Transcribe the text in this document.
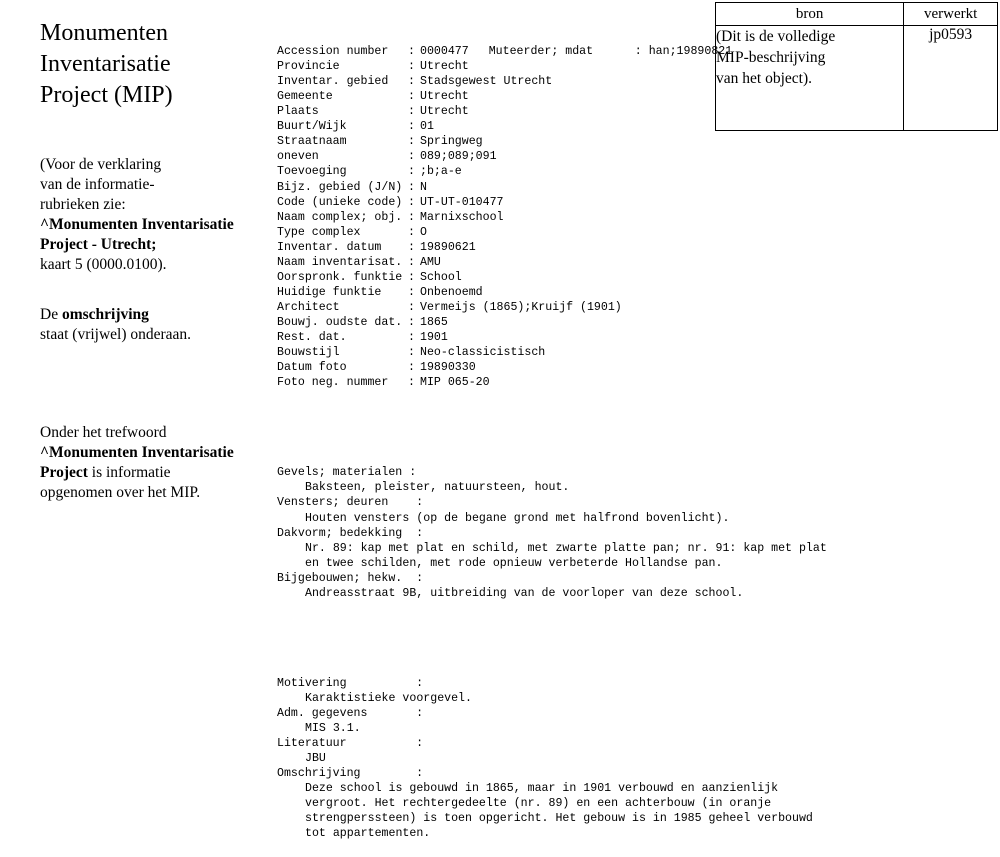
Monumenten
Inventarisatie
Project (MIP)
(Voor de verklaring
van de informatie-
rubrieken zie:
^Monumenten Inventarisatie
Project - Utrecht;
kaart 5 (0000.0100).
De omschrijving
staat (vrijwel) onderaan.
Onder het trefwoord
^Monumenten Inventarisatie
Project is informatie
opgenomen over het MIP.

Accession number : 0000477 Muteerder; mdat      : han;19890821
Provincie	: Utrecht
Inventar. gebied : Stadsgewest Utrecht
Gemeente	: Utrecht
Plaats	: Utrecht
Buurt/Wijk	: 01
Straatnaam	: Springweg
oneven	: 089;089;091
Toevoeging	: ;b;a-e
Bijz. gebied (J/N) : N
Code (unieke code) : UT-UT-010477
Naam complex; obj. : Marnixschool
Type complex	: O
Inventar. datum : 19890621
Naam inventarisat. : AMU
Oorspronk. funktie : School
Huidige funktie : Onbenoemd
Architect	: Vermeijs (1865);Kruijf (1901)
Bouwj. oudste dat. : 1865
Rest. dat.	: 1901
Bouwstijl	: Neo-classicistisch
Datum foto	: 19890330
Foto neg. nummer : MIP 065-20

Gevels; materialen :
Baksteen, pleister, natuursteen, hout.
Vensters; deuren    :
Houten vensters (op de begane grond met halfrond bovenlicht).
Dakvorm; bedekking  :
Nr. 89: kap met plat en schild, met zwarte platte pan; nr. 91: kap met plat
en twee schilden, met rode opnieuw verbeterde Hollandse pan.
Bijgebouwen; hekw.  :
Andreasstraat 9B, uitbreiding van de voorloper van deze school.

Motivering          :
Karaktistieke voorgevel.
Adm. gegevens       :
MIS 3.1.
Literatuur          :
JBU
Omschrijving        :
Deze school is gebouwd in 1865, maar in 1901 verbouwd en aanzienlijk
vergroot. Het rechtergedeelte (nr. 89) en een achterbouw (in oranje
strengperssteen) is toen opgericht. Het gebouw is in 1985 geheel verbouwd
tot appartementen.

bron	verwerkt

(Dit is de volledige
MIP-beschrijving
van het object).	jp0593
